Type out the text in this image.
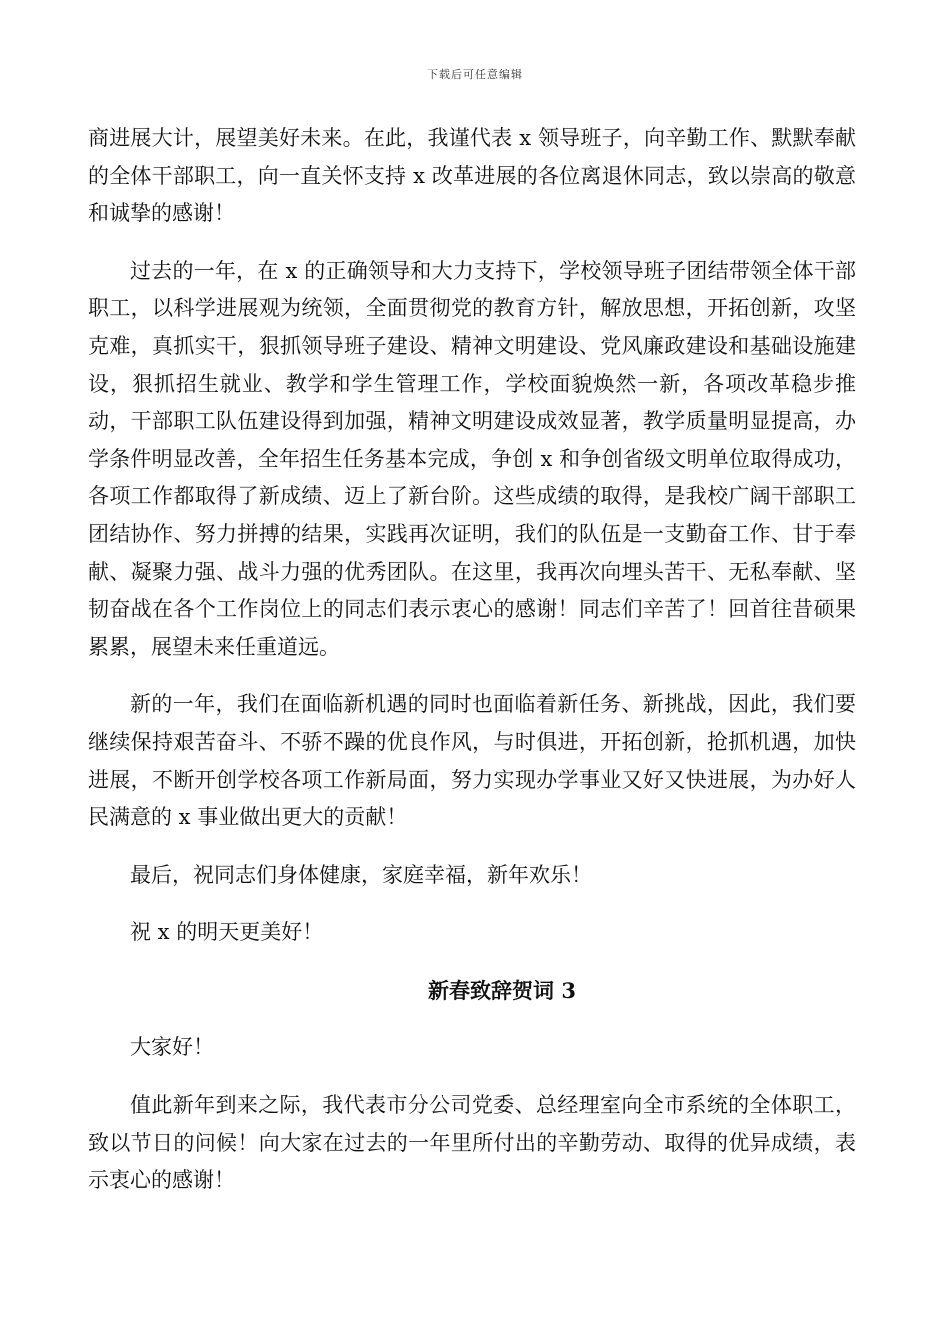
下载后可任意编辑

商进展大计，展望美好未来。在此，我谨代表 x 领导班子，向辛勤工作、默默奉献的全体干部职工，向一直关怀支持 x 改革进展的各位离退休同志，致以崇高的敬意和诚挚的感谢！

过去的一年，在 x 的正确领导和大力支持下，学校领导班子团结带领全体干部职工，以科学进展观为统领，全面贯彻党的教育方针，解放思想，开拓创新，攻坚克难，真抓实干，狠抓领导班子建设、精神文明建设、党风廉政建设和基础设施建设，狠抓招生就业、教学和学生管理工作，学校面貌焕然一新，各项改革稳步推动，干部职工队伍建设得到加强，精神文明建设成效显著，教学质量明显提高，办学条件明显改善，全年招生任务基本完成，争创 x 和争创省级文明单位取得成功，各项工作都取得了新成绩、迈上了新台阶。这些成绩的取得，是我校广阔干部职工团结协作、努力拼搏的结果，实践再次证明，我们的队伍是一支勤奋工作、甘于奉献、凝聚力强、战斗力强的优秀团队。在这里，我再次向埋头苦干、无私奉献、坚韧奋战在各个工作岗位上的同志们表示衷心的感谢！同志们辛苦了！回首往昔硕果累累，展望未来任重道远。

新的一年，我们在面临新机遇的同时也面临着新任务、新挑战，因此，我们要继续保持艰苦奋斗、不骄不躁的优良作风，与时俱进，开拓创新，抢抓机遇，加快进展，不断开创学校各项工作新局面，努力实现办学事业又好又快进展，为办好人民满意的 x 事业做出更大的贡献！

最后，祝同志们身体健康，家庭幸福，新年欢乐！

祝 x 的明天更美好！

新春致辞贺词 3

大家好！

值此新年到来之际，我代表市分公司党委、总经理室向全市系统的全体职工，致以节日的问候！向大家在过去的一年里所付出的辛勤劳动、取得的优异成绩，表示衷心的感谢！
